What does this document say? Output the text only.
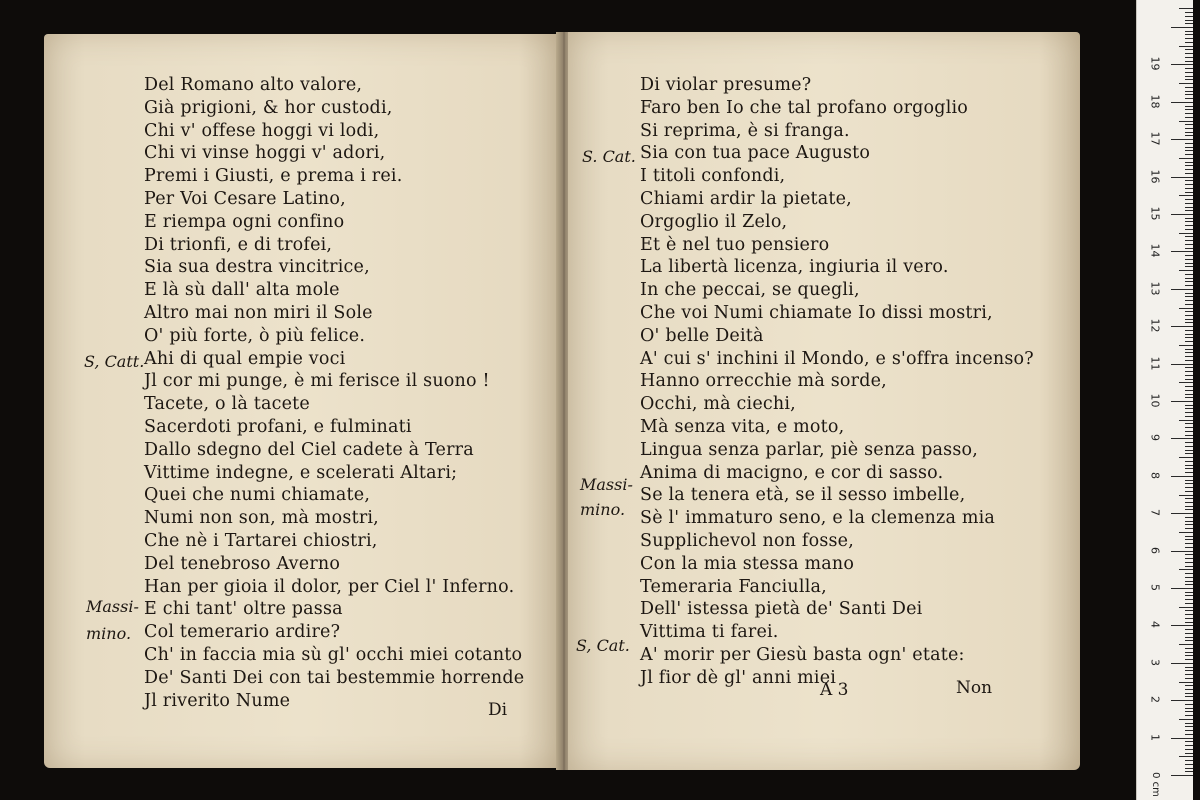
Del Romano alto valore,
Già prigioni, & hor custodi,
Chi v' offese hoggi vi lodi,
Chi vi vinse hoggi v' adori,
Premi i Giusti, e prema i rei.
Per Voi Cesare Latino,
E riempa ogni confino
Di trionfi, e di trofei,
Sia sua destra vincitrice,
E là sù dall' alta mole
Altro mai non miri il Sole
O' più forte, ò più felice.
Ahi di qual empie voci
Jl cor mi punge, è mi ferisce il suono !
Tacete, o là tacete
Sacerdoti profani, e fulminati
Dallo sdegno del Ciel cadete à Terra
Vittime indegne, e scelerati Altari;
Quei che numi chiamate,
Numi non son, mà mostri,
Che nè i Tartarei chiostri,
Del tenebroso Averno
Han per gioia il dolor, per Ciel l' Inferno.
E chi tant' oltre passa
Col temerario ardire?
Ch' in faccia mia sù gl' occhi miei cotanto
De' Santi Dei con tai bestemmie horrende
Jl riverito Nume
S, Catt.
Massi-
mino.
Di
Di violar presume?
Faro ben Io che tal profano orgoglio
Si reprima, è si franga.
Sia con tua pace Augusto
I titoli confondi,
Chiami ardir la pietate,
Orgoglio il Zelo,
Et è nel tuo pensiero
La libertà licenza, ingiuria il vero.
In che peccai, se quegli,
Che voi Numi chiamate Io dissi mostri,
O' belle Deità
A' cui s' inchini il Mondo, e s'offra incenso?
Hanno orrecchie mà sorde,
Occhi, mà ciechi,
Mà senza vita, e moto,
Lingua senza parlar, piè senza passo,
Anima di macigno, e cor di sasso.
Se la tenera età, se il sesso imbelle,
Sè l' immaturo seno, e la clemenza mia
Supplichevol non fosse,
Con la mia stessa mano
Temeraria Fanciulla,
Dell' istessa pietà de' Santi Dei
Vittima ti farei.
A' morir per Giesù basta ogn' etate:
Jl fior dè gl' anni miei
S. Cat.
Massi-
mino.
S, Cat.
A 3	Non
1
2
3
4
5
6
7
8
9
10
11
12
13
14
15
16
17
18
19
0 cm
